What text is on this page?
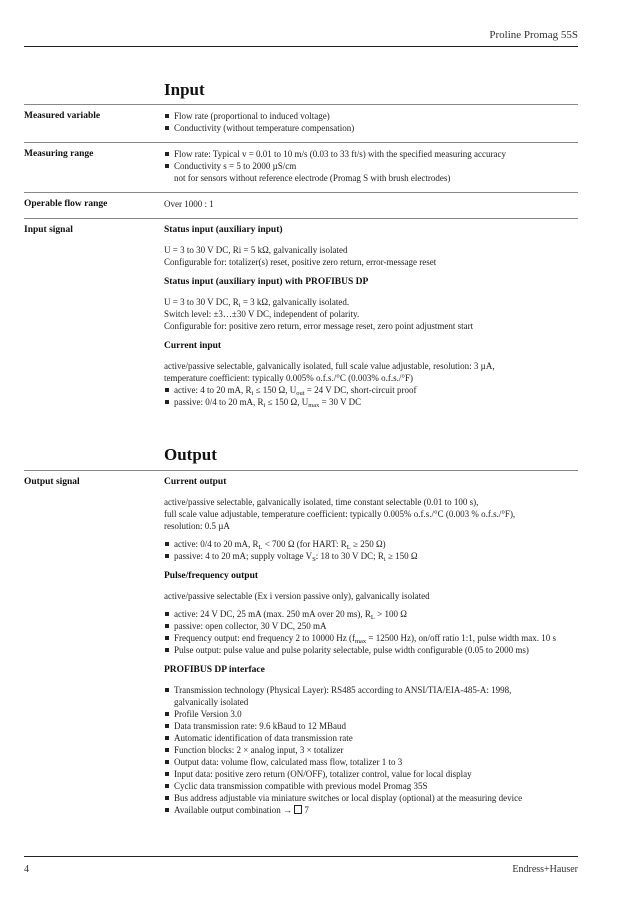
Proline Promag 55S
Input
Measured variable	Flow rate (proportional to induced voltage)
Conductivity (without temperature compensation)
Measuring range	Flow rate: Typical v = 0.01 to 10 m/s (0.03 to 33 ft/s) with the specified measuring accuracy
Conductivity s = 5 to 2000 µS/cm
not for sensors without reference electrode (Promag S with brush electrodes)
Operable flow range	Over 1000 : 1
Input signal	Status input (auxiliary input)

U = 3 to 30 V DC, Ri = 5 kΩ, galvanically isolated

Configurable for: totalizer(s) reset, positive zero return, error-message reset

Status input (auxiliary input) with PROFIBUS DP

U = 3 to 30 V DC, $R_i = 3$ kΩ, galvanically isolated.

Switch level: ±3…±30 V DC, independent of polarity.

Configurable for: positive zero return, error message reset, zero point adjustment start

Current input

active/passive selectable, galvanically isolated, full scale value adjustable, resolution: 3 µA,

temperature coefficient: typically 0.005% o.f.s./°C (0.003% o.f.s./°F)

active: 4 to 20 mA, $R_i \le 150$ Ω, $U_{out} = 24$ V DC, short-circuit proof
passive: 0/4 to 20 mA, $R_i \le 150$ Ω, $U_{max} = 30$ V DC
Output
Output signal	Current output

active/passive selectable, galvanically isolated, time constant selectable (0.01 to 100 s),

full scale value adjustable, temperature coefficient: typically 0.005% o.f.s./°C (0.003 % o.f.s./°F),

resolution: 0.5 µA

active: 0/4 to 20 mA, $R_L < 700$ Ω (for HART: $R_L \ge 250$ Ω)
passive: 4 to 20 mA; supply voltage $V_S$: 18 to 30 V DC; $R_i \ge 150$ Ω
Pulse/frequency output

active/passive selectable (Ex i version passive only), galvanically isolated

active: 24 V DC, 25 mA (max. 250 mA over 20 ms), $R_L > 100$ Ω
passive: open collector, 30 V DC, 250 mA
Frequency output: end frequency 2 to 10000 Hz ($f_{max} = 12500$ Hz), on/off ratio 1:1, pulse width max. 10 s
Pulse output: pulse value and pulse polarity selectable, pulse width configurable (0.05 to 2000 ms)
PROFIBUS DP interface
Transmission technology (Physical Layer): RS485 according to ANSI/TIA/EIA-485-A: 1998,
galvanically isolated
Profile Version 3.0
Data transmission rate: 9.6 kBaud to 12 MBaud
Automatic identification of data transmission rate
Function blocks: 2 × analog input, 3 × totalizer
Output data: volume flow, calculated mass flow, totalizer 1 to 3
Input data: positive zero return (ON/OFF), totalizer control, value for local display
Cyclic data transmission compatible with previous model Promag 35S
Bus address adjustable via miniature switches or local display (optional) at the measuring device
Available output combination → 7
4	Endress+Hauser
